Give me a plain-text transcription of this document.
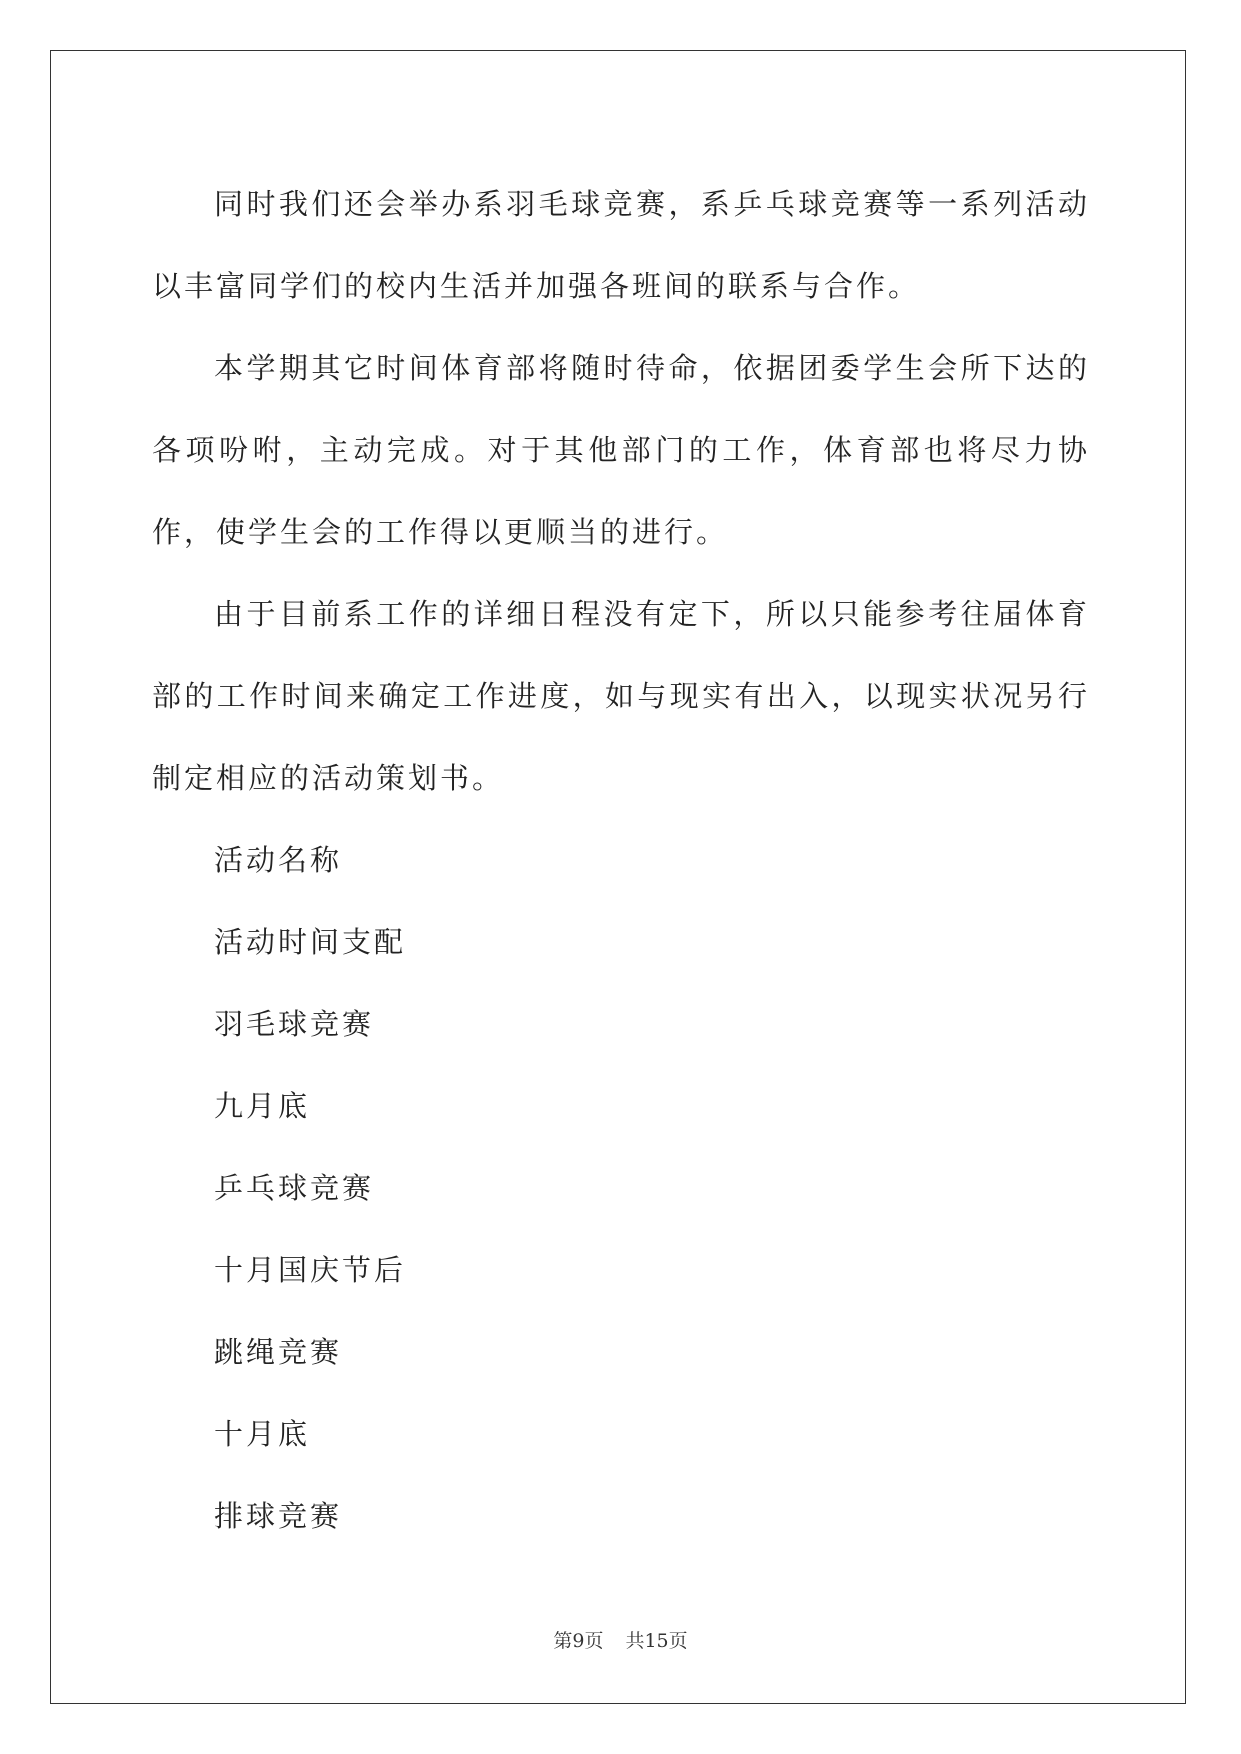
同时我们还会举办系羽毛球竞赛，系乒乓球竞赛等一系列活动以丰富同学们的校内生活并加强各班间的联系与合作。

本学期其它时间体育部将随时待命，依据团委学生会所下达的各项吩咐，主动完成。对于其他部门的工作，体育部也将尽力协作，使学生会的工作得以更顺当的进行。

由于目前系工作的详细日程没有定下，所以只能参考往届体育部的工作时间来确定工作进度，如与现实有出入，以现实状况另行制定相应的活动策划书。

活动名称
活动时间支配
羽毛球竞赛
九月底
乒乓球竞赛
十月国庆节后
跳绳竞赛
十月底
排球竞赛
第9页 共15页
